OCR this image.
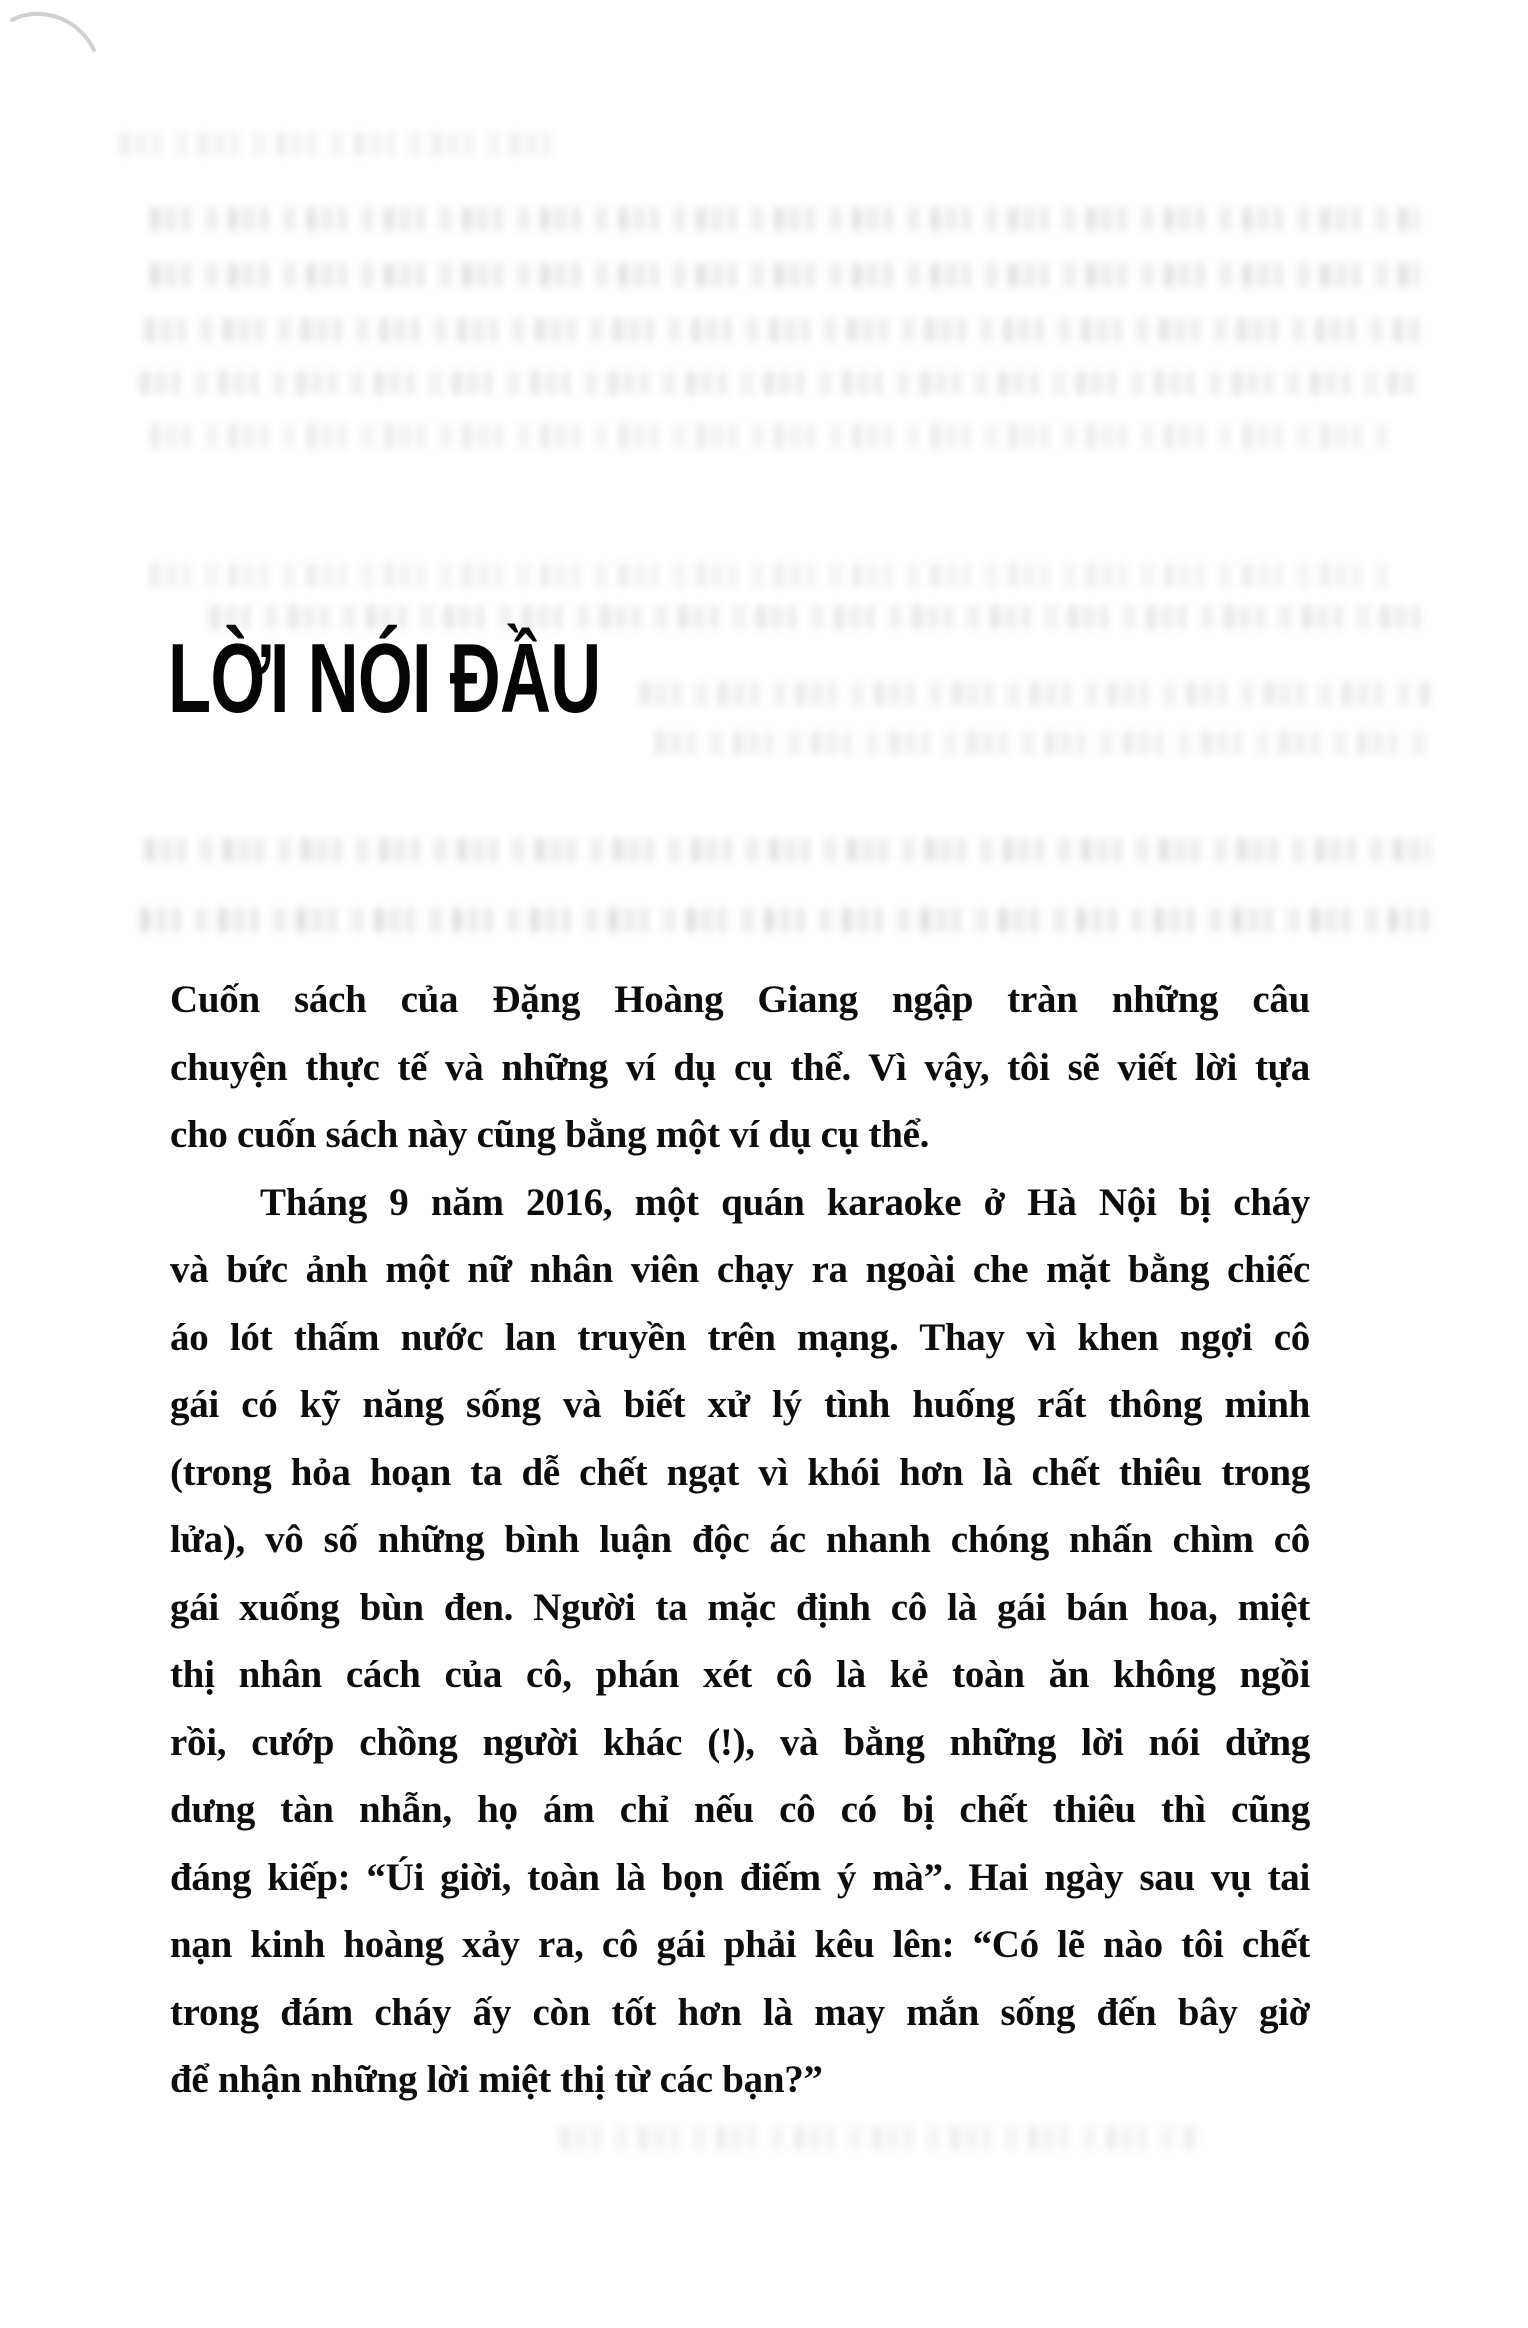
LỜI NÓI ĐẦU
Cuốn sách của Đặng Hoàng Giang ngập tràn những câu
chuyện thực tế và những ví dụ cụ thể. Vì vậy, tôi sẽ viết lời tựa
cho cuốn sách này cũng bằng một ví dụ cụ thể.
Tháng 9 năm 2016, một quán karaoke ở Hà Nội bị cháy
và bức ảnh một nữ nhân viên chạy ra ngoài che mặt bằng chiếc
áo lót thấm nước lan truyền trên mạng. Thay vì khen ngợi cô
gái có kỹ năng sống và biết xử lý tình huống rất thông minh
(trong hỏa hoạn ta dễ chết ngạt vì khói hơn là chết thiêu trong
lửa), vô số những bình luận độc ác nhanh chóng nhấn chìm cô
gái xuống bùn đen. Người ta mặc định cô là gái bán hoa, miệt
thị nhân cách của cô, phán xét cô là kẻ toàn ăn không ngồi
rồi, cướp chồng người khác (!), và bằng những lời nói dửng
dưng tàn nhẫn, họ ám chỉ nếu cô có bị chết thiêu thì cũng
đáng kiếp: “Úi giời, toàn là bọn điếm ý mà”. Hai ngày sau vụ tai
nạn kinh hoàng xảy ra, cô gái phải kêu lên: “Có lẽ nào tôi chết
trong đám cháy ấy còn tốt hơn là may mắn sống đến bây giờ
để nhận những lời miệt thị từ các bạn?”
